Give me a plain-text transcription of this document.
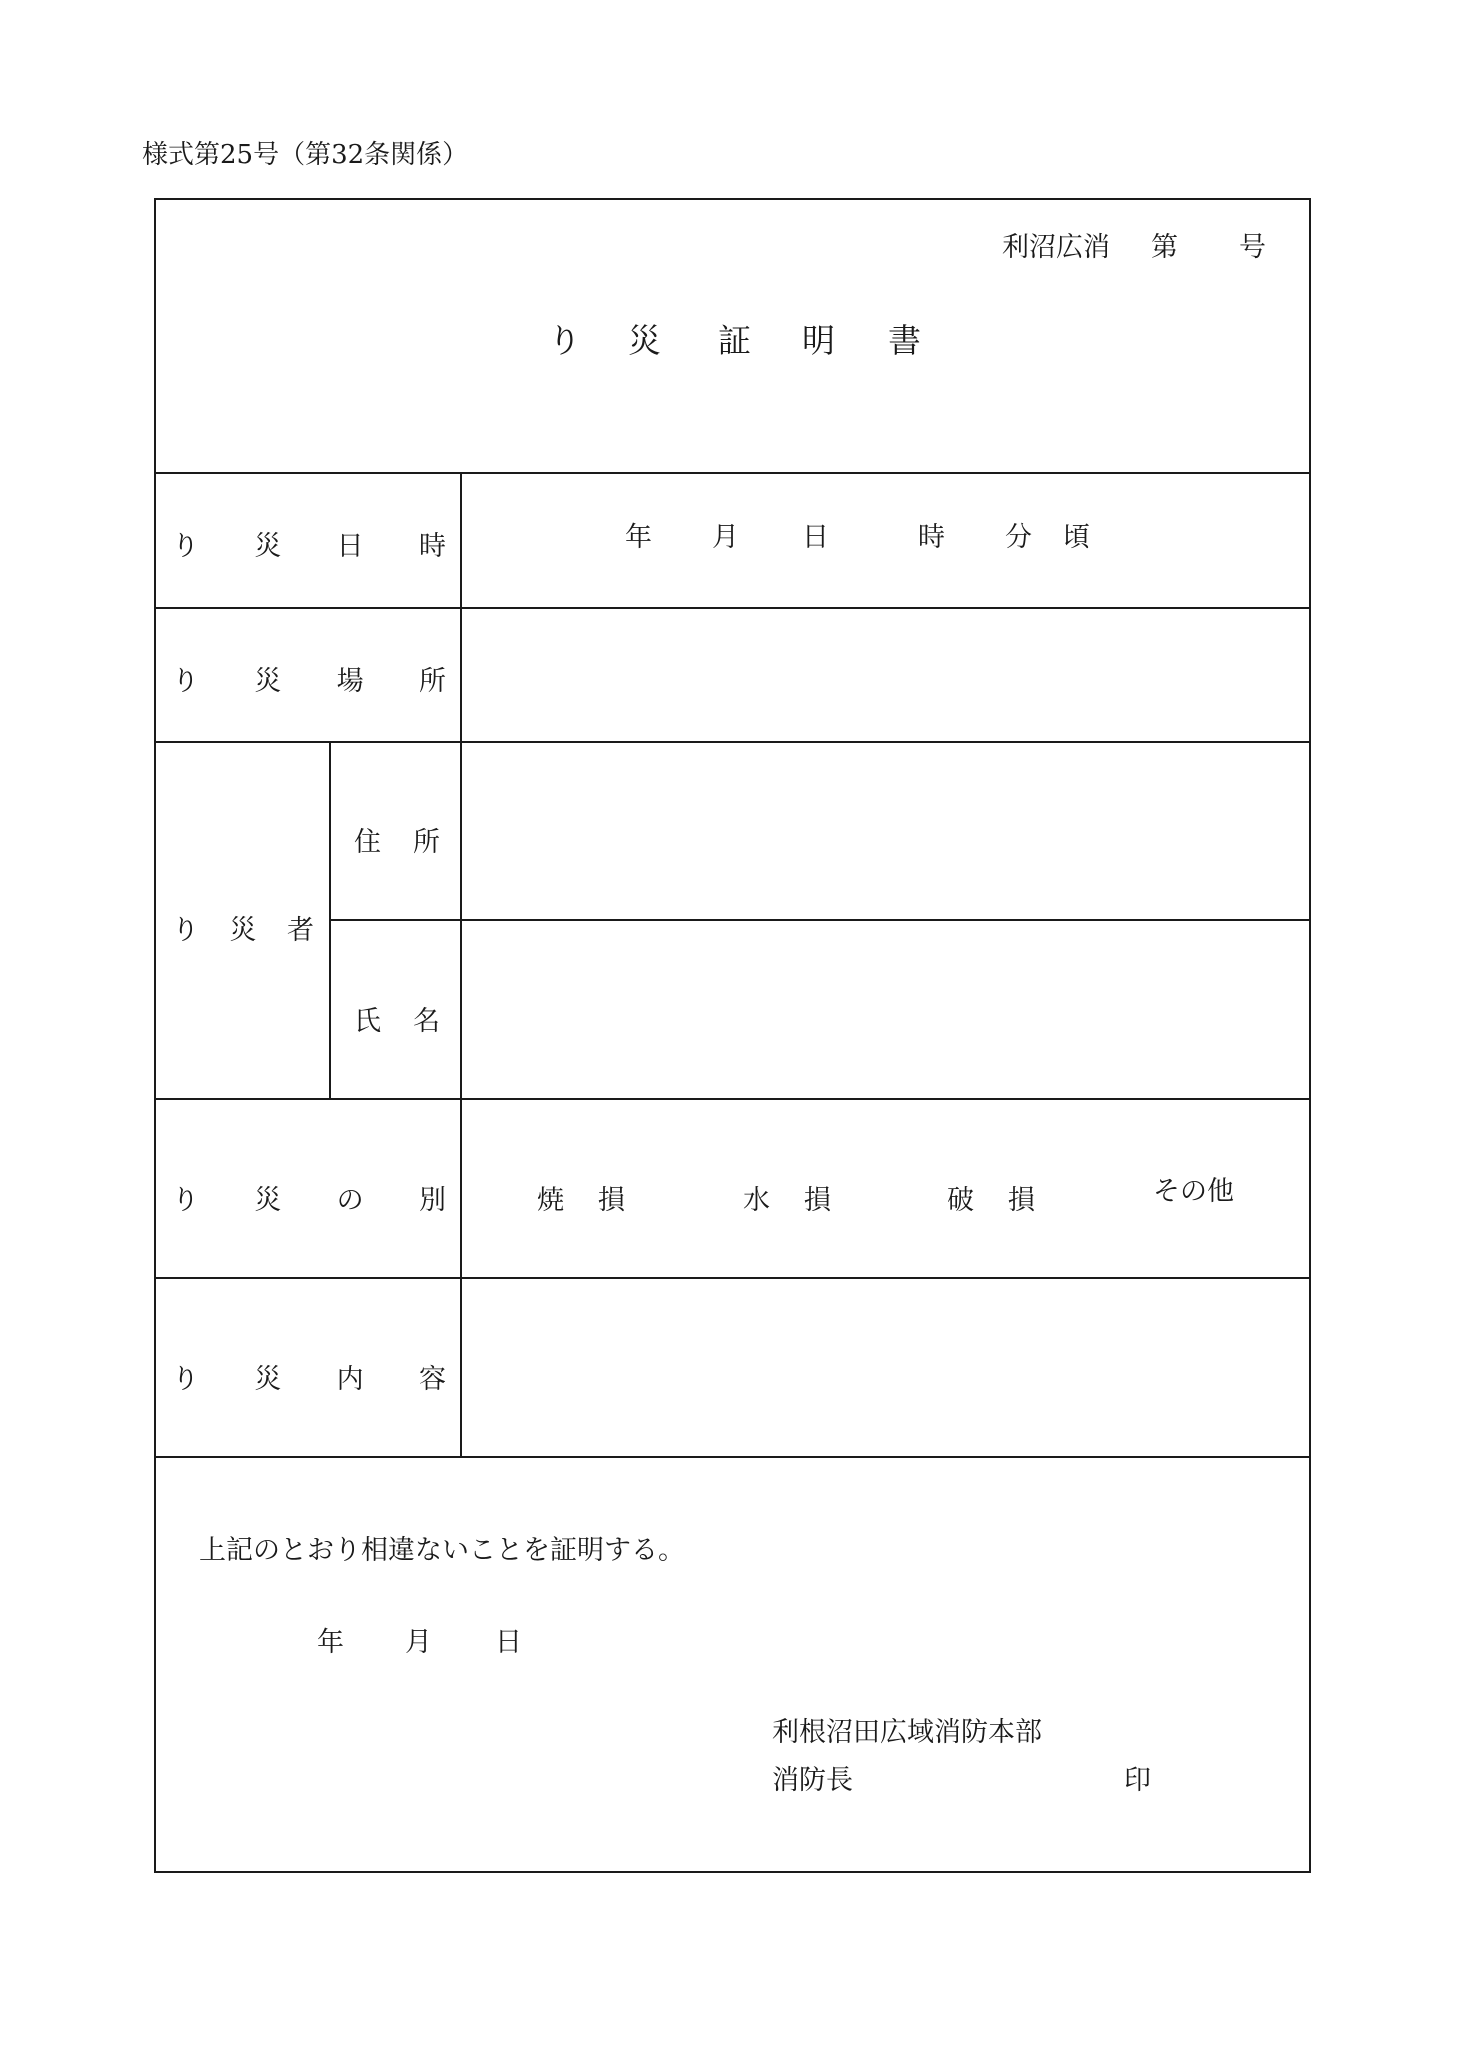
様式第25号（第32条関係）
利沼広消 第 号
り 災 証 明 書
り 災 日 時	年 月 日	時 分 頃
り 災 場 所
り 災 者
住 所
氏 名
り 災 の 別	焼 損	水 損	破 損	その他
り 災 内 容
上記のとおり相違ないことを証明する。
年 月 日
利根沼田広域消防本部
消防長	印
